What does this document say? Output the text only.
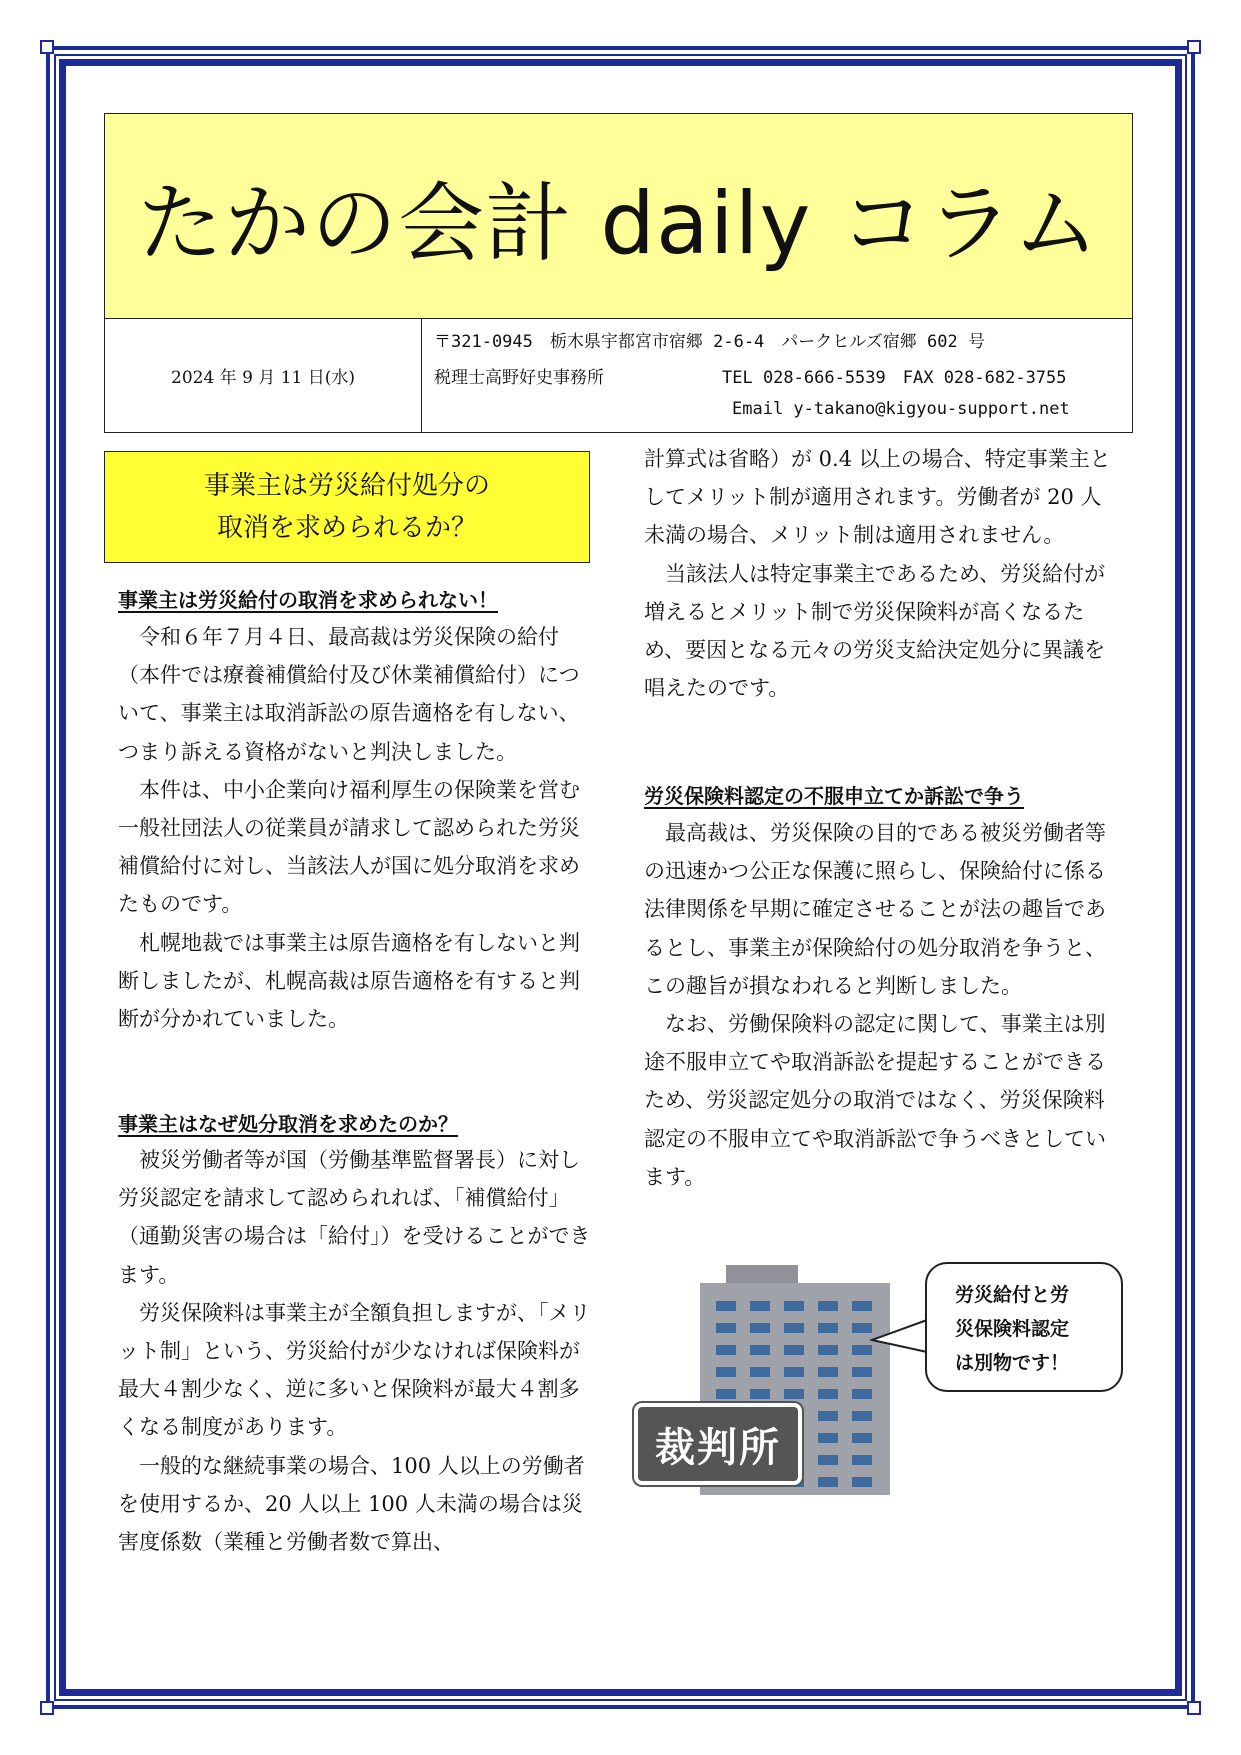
たかの会計 daily コラム
2024 年 9 月 11 日(水)
〒321-0945　栃木県宇都宮市宿郷 2-6-4　パークヒルズ宿郷 602 号
税理士高野好史事務所	TEL 028-666-5539　FAX 028-682-3755
Email y-takano@kigyou-support.net
事業主は労災給付処分の
取消を求められるか？
事業主は労災給付の取消を求められない！

令和６年７月４日、最高裁は労災保険の給付（本件では療養補償給付及び休業補償給付）について、事業主は取消訴訟の原告適格を有しない、つまり訴える資格がないと判決しました。

本件は、中小企業向け福利厚生の保険業を営む一般社団法人の従業員が請求して認められた労災補償給付に対し、当該法人が国に処分取消を求めたものです。

札幌地裁では事業主は原告適格を有しないと判断しましたが、札幌高裁は原告適格を有すると判断が分かれていました。

事業主はなぜ処分取消を求めたのか？

被災労働者等が国（労働基準監督署長）に対し労災認定を請求して認められれば、「補償給付」（通勤災害の場合は「給付」）を受けることができます。

労災保険料は事業主が全額負担しますが、「メリット制」という、労災給付が少なければ保険料が最大４割少なく、逆に多いと保険料が最大４割多くなる制度があります。

一般的な継続事業の場合、100 人以上の労働者を使用するか、20 人以上 100 人未満の場合は災害度係数（業種と労働者数で算出、

計算式は省略）が 0.4 以上の場合、特定事業主としてメリット制が適用されます。労働者が 20 人未満の場合、メリット制は適用されません。

当該法人は特定事業主であるため、労災給付が増えるとメリット制で労災保険料が高くなるため、要因となる元々の労災支給決定処分に異議を唱えたのです。

労災保険料認定の不服申立てか訴訟で争う

最高裁は、労災保険の目的である被災労働者等の迅速かつ公正な保護に照らし、保険給付に係る法律関係を早期に確定させることが法の趣旨であるとし、事業主が保険給付の処分取消を争うと、この趣旨が損なわれると判断しました。

なお、労働保険料の認定に関して、事業主は別途不服申立てや取消訴訟を提起することができるため、労災認定処分の取消ではなく、労災保険料認定の不服申立てや取消訴訟で争うべきとしています。

裁判所
労災給付と労
災保険料認定
は別物です！
